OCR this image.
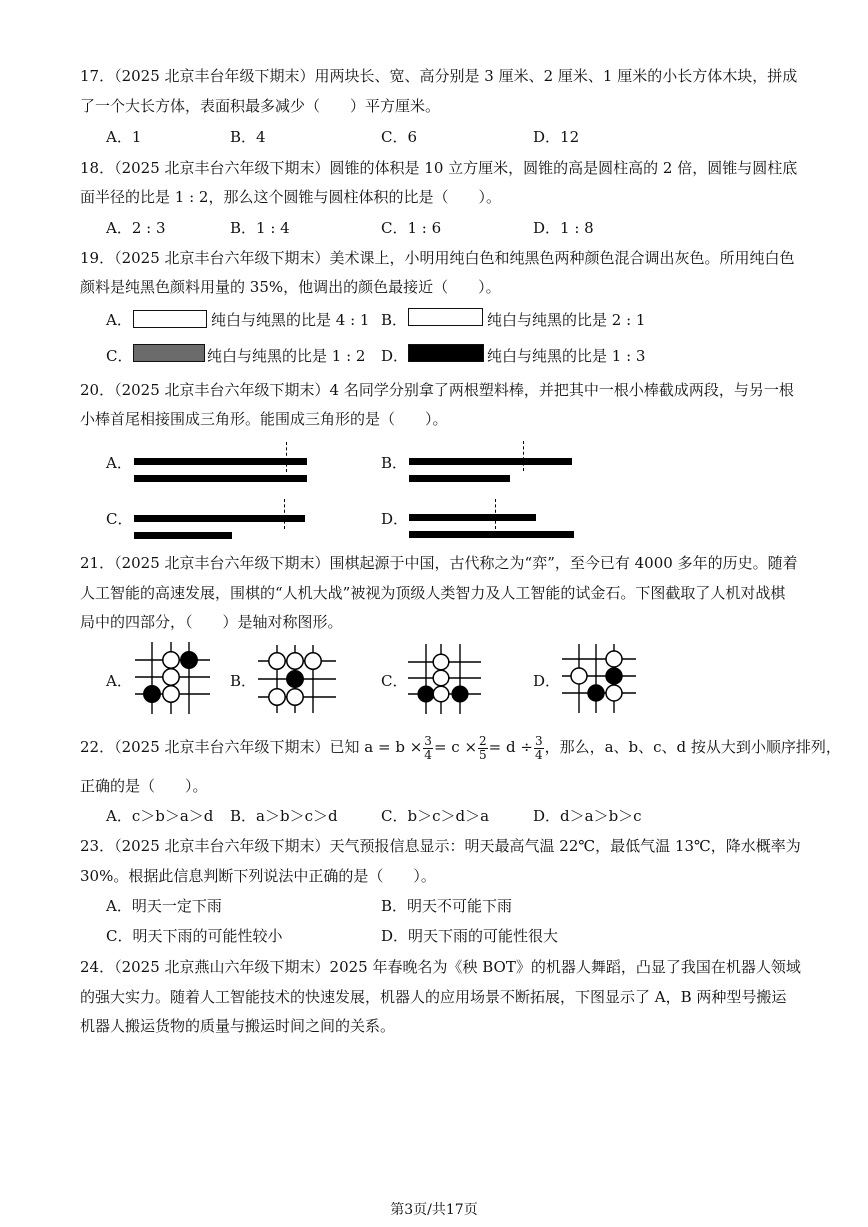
17．（2025 北京丰台年级下期末）用两块长、宽、高分别是 3 厘米、2 厘米、1 厘米的小长方体木块，拼成
了一个大长方体，表面积最多减少（　　）平方厘米。
A．1	B．4	C．6	D．12
18．（2025 北京丰台六年级下期末）圆锥的体积是 10 立方厘米，圆锥的高是圆柱高的 2 倍，圆锥与圆柱底
面半径的比是 1 : 2，那么这个圆锥与圆柱体积的比是（　　）。
A．2 : 3	B．1 : 4	C．1 : 6	D．1 : 8
19．（2025 北京丰台六年级下期末）美术课上，小明用纯白色和纯黑色两种颜色混合调出灰色。所用纯白色
颜料是纯黑色颜料用量的 35%，他调出的颜色最接近（　　）。
A．	纯白与纯黑的比是 4 : 1 B．	纯白与纯黑的比是 2 : 1
C．	纯白与纯黑的比是 1 : 2 D．	纯白与纯黑的比是 1 : 3
20．（2025 北京丰台六年级下期末）4 名同学分别拿了两根塑料棒，并把其中一根小棒截成两段，与另一根
小棒首尾相接围成三角形。能围成三角形的是（　　）。
A．	B．
C．	D．
21．（2025 北京丰台六年级下期末）围棋起源于中国，古代称之为“弈”，至今已有 4000 多年的历史。随着
人工智能的高速发展，围棋的“人机大战”被视为顶级人类智力及人工智能的试金石。下图截取了人机对战棋
局中的四部分，（　　）是轴对称图形。
A．	B．	C．	D．
22．（2025 北京丰台六年级下期末）已知 $a = b \times \frac{3}{4} = c \times \frac{2}{5} = d \div \frac{3}{4}$ ，那么，a、b、c、d 按从大到小顺序排列，
正确的是（　　）。
A．c＞b＞a＞d B．a＞b＞c＞d	C．b＞c＞d＞a	D．d＞a＞b＞c
23．（2025 北京丰台六年级下期末）天气预报信息显示：明天最高气温 22℃，最低气温 13℃，降水概率为
30%。根据此信息判断下列说法中正确的是（　　）。
A．明天一定下雨	B．明天不可能下雨
C．明天下雨的可能性较小	D．明天下雨的可能性很大
24．（2025 北京燕山六年级下期末）2025 年春晚名为《秧 BOT》的机器人舞蹈，凸显了我国在机器人领域
的强大实力。随着人工智能技术的快速发展，机器人的应用场景不断拓展，下图显示了 A，B 两种型号搬运
机器人搬运货物的质量与搬运时间之间的关系。
第3页/共17页
